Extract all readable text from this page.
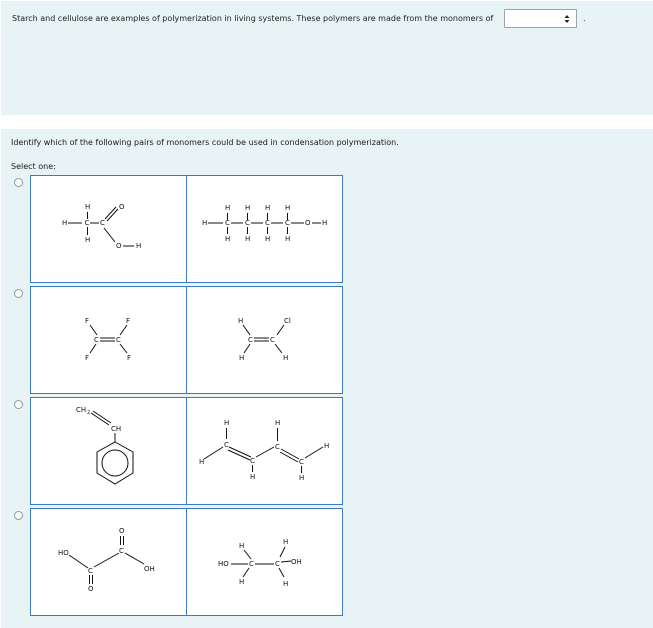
Starch and cellulose are examples of polymerization in living systems. These polymers are made from the monomers of	.
Identify which of the following pairs of monomers could be used in condensation polymerization.
Select one:
H
H C C
H
O
O H
H H H H
H	C C C C O H
H H H H
F	F
C C
F	F
H	Cl
C C
H	H
CH 2
CH
H	H
H
C
C
C
C
H
H	H
HO
C
O
C
O
OH
H	H
HO	C	C OH
H	H
